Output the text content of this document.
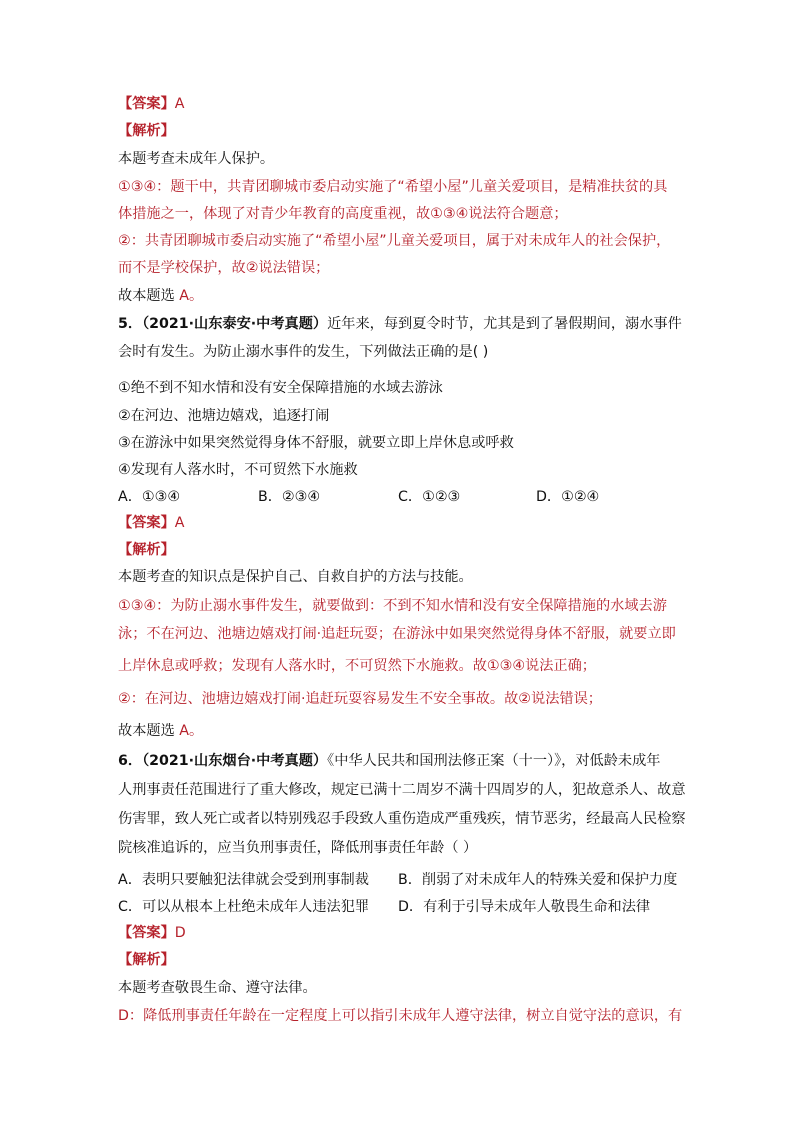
【答案】A
【解析】
本题考查未成年人保护。
①③④：题干中，共青团聊城市委启动实施了“希望小屋”儿童关爱项目，是精准扶贫的具
体措施之一，体现了对青少年教育的高度重视，故①③④说法符合题意；
②：共青团聊城市委启动实施了“希望小屋”儿童关爱项目，属于对未成年人的社会保护，
而不是学校保护，故②说法错误；
故本题选 A。
5．（2021·山东泰安·中考真题）近年来，每到夏令时节，尤其是到了暑假期间，溺水事件
会时有发生。为防止溺水事件的发生，下列做法正确的是( )
①绝不到不知水情和没有安全保障措施的水域去游泳
②在河边、池塘边嬉戏，追逐打闹
③在游泳中如果突然觉得身体不舒服，就要立即上岸休息或呼救
④发现有人落水时，不可贸然下水施救
A．①③④	B．②③④	C．①②③	D．①②④
【答案】A
【解析】
本题考查的知识点是保护自己、自救自护的方法与技能。
①③④：为防止溺水事件发生，就要做到：不到不知水情和没有安全保障措施的水域去游
泳；不在河边、池塘边嬉戏打闹·追赶玩耍；在游泳中如果突然觉得身体不舒服，就要立即
上岸休息或呼救；发现有人落水时，不可贸然下水施救。故①③④说法正确；
②：在河边、池塘边嬉戏打闹·追赶玩耍容易发生不安全事故。故②说法错误；
故本题选 A。
6．（2021·山东烟台·中考真题）《中华人民共和国刑法修正案（十一）》，对低龄未成年
人刑事责任范围进行了重大修改，规定已满十二周岁不满十四周岁的人，犯故意杀人、故意
伤害罪，致人死亡或者以特别残忍手段致人重伤造成严重残疾，情节恶劣，经最高人民检察
院核准追诉的，应当负刑事责任，降低刑事责任年龄（ ）
A．表明只要触犯法律就会受到刑事制裁 B．削弱了对未成年人的特殊关爱和保护力度
C．可以从根本上杜绝未成年人违法犯罪 D．有利于引导未成年人敬畏生命和法律
【答案】D
【解析】
本题考查敬畏生命、遵守法律。
D：降低刑事责任年龄在一定程度上可以指引未成年人遵守法律，树立自觉守法的意识，有
